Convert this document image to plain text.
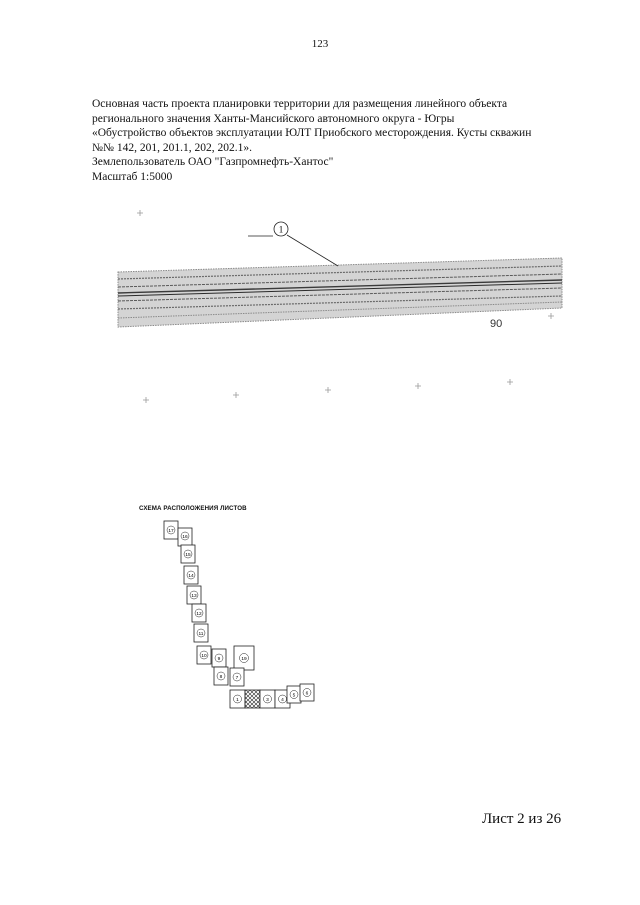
123
Основная часть проекта планировки территории для размещения линейного объекта
регионального значения Ханты-Мансийского автономного округа - Югры
«Обустройство объектов эксплуатации ЮЛТ Приобского месторождения. Кусты скважин
№№ 142, 201, 201.1, 202, 202.1».
Землепользователь ОАО "Газпромнефть-Хантос"
Масштаб 1:5000
1
90
17
16
15
14
13
12
11
10
9	19
8	7
1	3	4
5 6
СХЕМА РАСПОЛОЖЕНИЯ ЛИСТОВ
Лист 2 из 26
